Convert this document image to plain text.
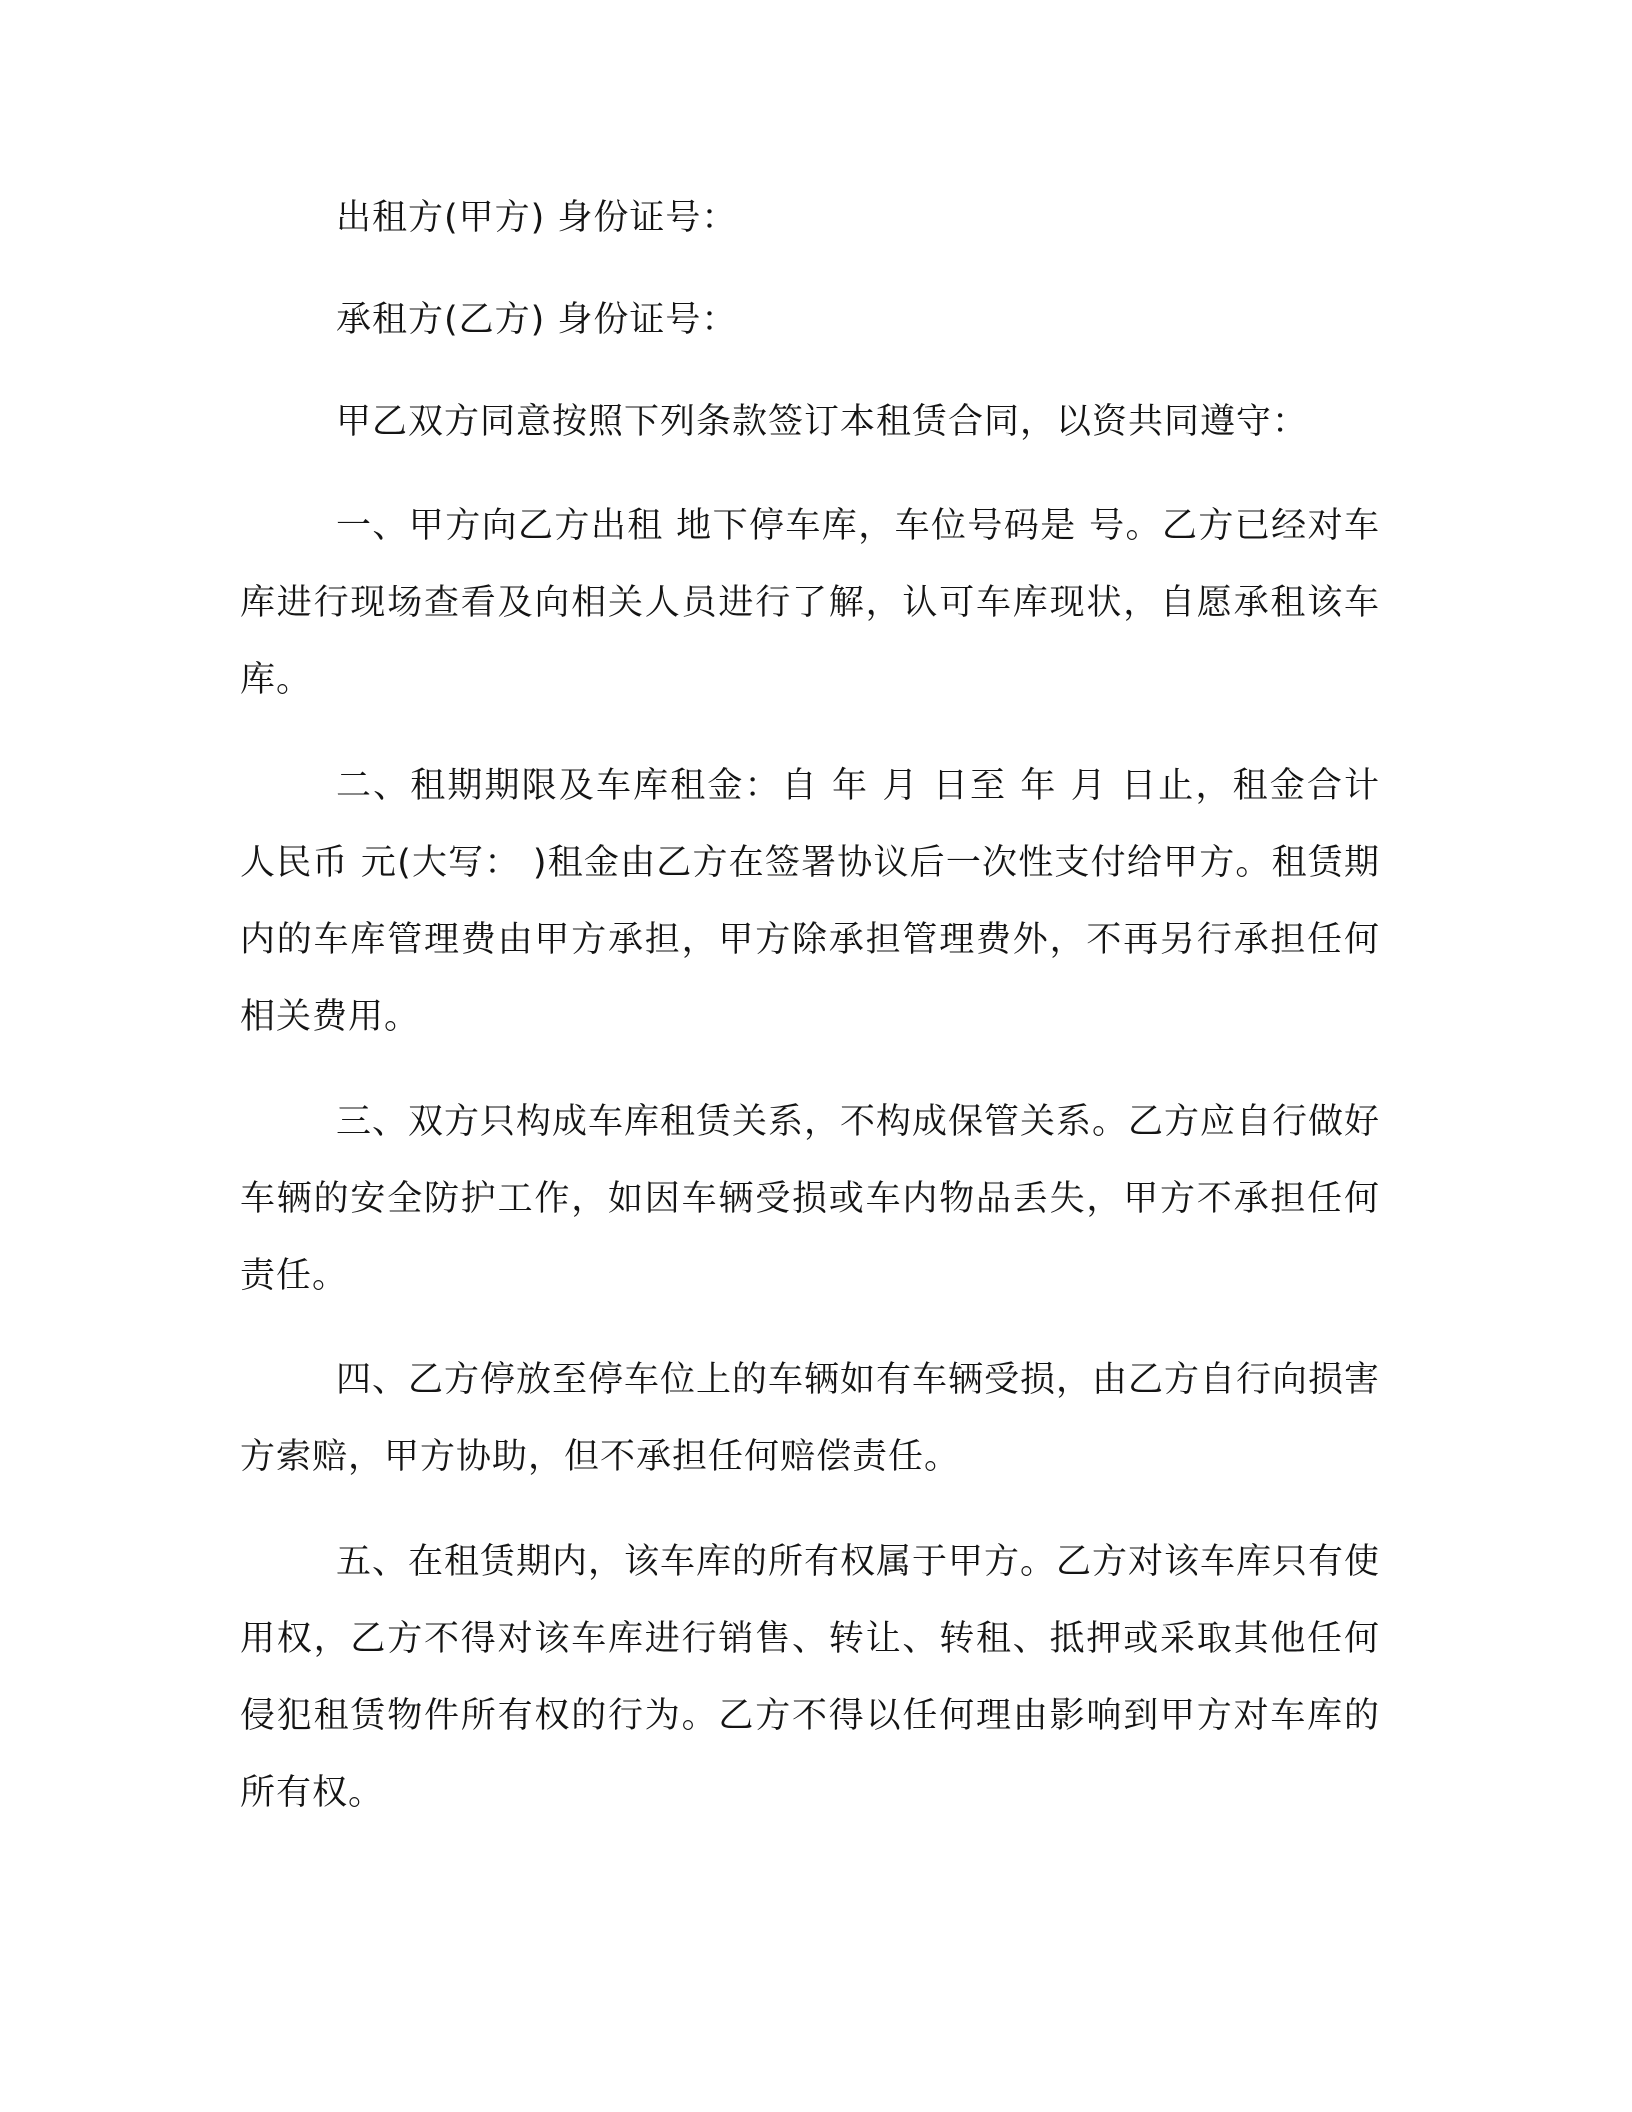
出租方(甲方) 身份证号：

承租方(乙方) 身份证号：

甲乙双方同意按照下列条款签订本租赁合同，以资共同遵守：

一、甲方向乙方出租 地下停车库，车位号码是 号。乙方已经对车库进行现场查看及向相关人员进行了解，认可车库现状，自愿承租该车库。

二、租期期限及车库租金：自 年 月 日至 年 月 日止，租金合计人民币 元(大写： )租金由乙方在签署协议后一次性支付给甲方。租赁期内的车库管理费由甲方承担，甲方除承担管理费外，不再另行承担任何相关费用。

三、双方只构成车库租赁关系，不构成保管关系。乙方应自行做好车辆的安全防护工作，如因车辆受损或车内物品丢失，甲方不承担任何责任。

四、乙方停放至停车位上的车辆如有车辆受损，由乙方自行向损害方索赔，甲方协助，但不承担任何赔偿责任。

五、在租赁期内，该车库的所有权属于甲方。乙方对该车库只有使用权，乙方不得对该车库进行销售、转让、转租、抵押或采取其他任何侵犯租赁物件所有权的行为。乙方不得以任何理由影响到甲方对车库的所有权。
